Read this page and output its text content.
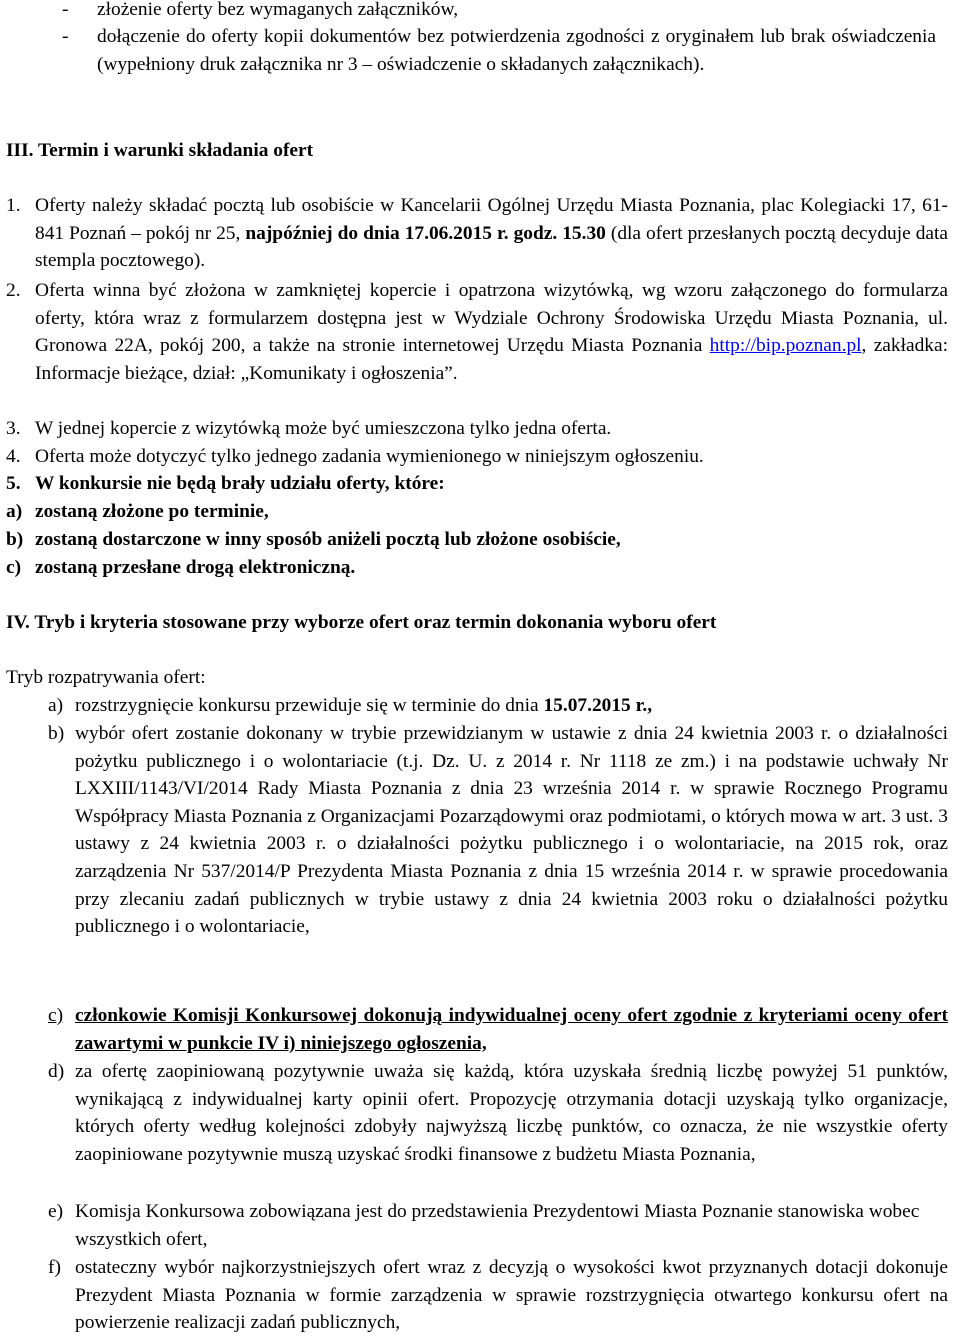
-	złożenie oferty bez wymaganych załączników,
-	dołączenie do oferty kopii dokumentów bez potwierdzenia zgodności z oryginałem lub brak oświadczenia (wypełniony druk załącznika nr 3 – oświadczenie o składanych załącznikach).
III. Termin i warunki składania ofert
1. Oferty należy składać pocztą lub osobiście w Kancelarii Ogólnej Urzędu Miasta Poznania, plac Kolegiacki 17, 61-841 Poznań – pokój nr 25, najpóźniej do dnia 17.06.2015 r. godz. 15.30 (dla ofert przesłanych pocztą decyduje data stempla pocztowego).
2. Oferta winna być złożona w zamkniętej kopercie i opatrzona wizytówką, wg wzoru załączonego do formularza oferty, która wraz z formularzem dostępna jest w Wydziale Ochrony Środowiska Urzędu Miasta Poznania, ul. Gronowa 22A, pokój 200, a także na stronie internetowej Urzędu Miasta Poznania http://bip.poznan.pl, zakładka: Informacje bieżące, dział: „Komunikaty i ogłoszenia”.
3. W jednej kopercie z wizytówką może być umieszczona tylko jedna oferta.
4. Oferta może dotyczyć tylko jednego zadania wymienionego w niniejszym ogłoszeniu.
5. W konkursie nie będą brały udziału oferty, które:
a) zostaną złożone po terminie,
b) zostaną dostarczone w inny sposób aniżeli pocztą lub złożone osobiście,
c) zostaną przesłane drogą elektroniczną.
IV. Tryb i kryteria stosowane przy wyborze ofert oraz termin dokonania wyboru ofert
Tryb rozpatrywania ofert:
a) rozstrzygnięcie konkursu przewiduje się w terminie do dnia 15.07.2015 r.,
b) wybór ofert zostanie dokonany w trybie przewidzianym w ustawie z dnia 24 kwietnia 2003 r. o działalności pożytku publicznego i o wolontariacie (t.j. Dz. U. z 2014 r. Nr 1118 ze zm.) i na podstawie uchwały Nr LXXIII/1143/VI/2014 Rady Miasta Poznania z dnia 23 września 2014 r. w sprawie Rocznego Programu Współpracy Miasta Poznania z Organizacjami Pozarządowymi oraz podmiotami, o których mowa w art. 3 ust. 3 ustawy z 24 kwietnia 2003 r. o działalności pożytku publicznego i o wolontariacie, na 2015 rok, oraz zarządzenia Nr 537/2014/P Prezydenta Miasta Poznania z dnia 15 września 2014 r. w sprawie procedowania przy zlecaniu zadań publicznych w trybie ustawy z dnia 24 kwietnia 2003 roku o działalności pożytku publicznego i o wolontariacie,
c) członkowie Komisji Konkursowej dokonują indywidualnej oceny ofert zgodnie z kryteriami oceny ofert zawartymi w punkcie IV i) niniejszego ogłoszenia,
d) za ofertę zaopiniowaną pozytywnie uważa się każdą, która uzyskała średnią liczbę powyżej 51 punktów, wynikającą z indywidualnej karty opinii ofert. Propozycję otrzymania dotacji uzyskają tylko organizacje, których oferty według kolejności zdobyły najwyższą liczbę punktów, co oznacza, że nie wszystkie oferty zaopiniowane pozytywnie muszą uzyskać środki finansowe z budżetu Miasta Poznania,
e) Komisja Konkursowa zobowiązana jest do przedstawienia Prezydentowi Miasta Poznanie stanowiska wobec wszystkich ofert,
f) ostateczny wybór najkorzystniejszych ofert wraz z decyzją o wysokości kwot przyznanych dotacji dokonuje Prezydent Miasta Poznania w formie zarządzenia w sprawie rozstrzygnięcia otwartego konkursu ofert na powierzenie realizacji zadań publicznych,
